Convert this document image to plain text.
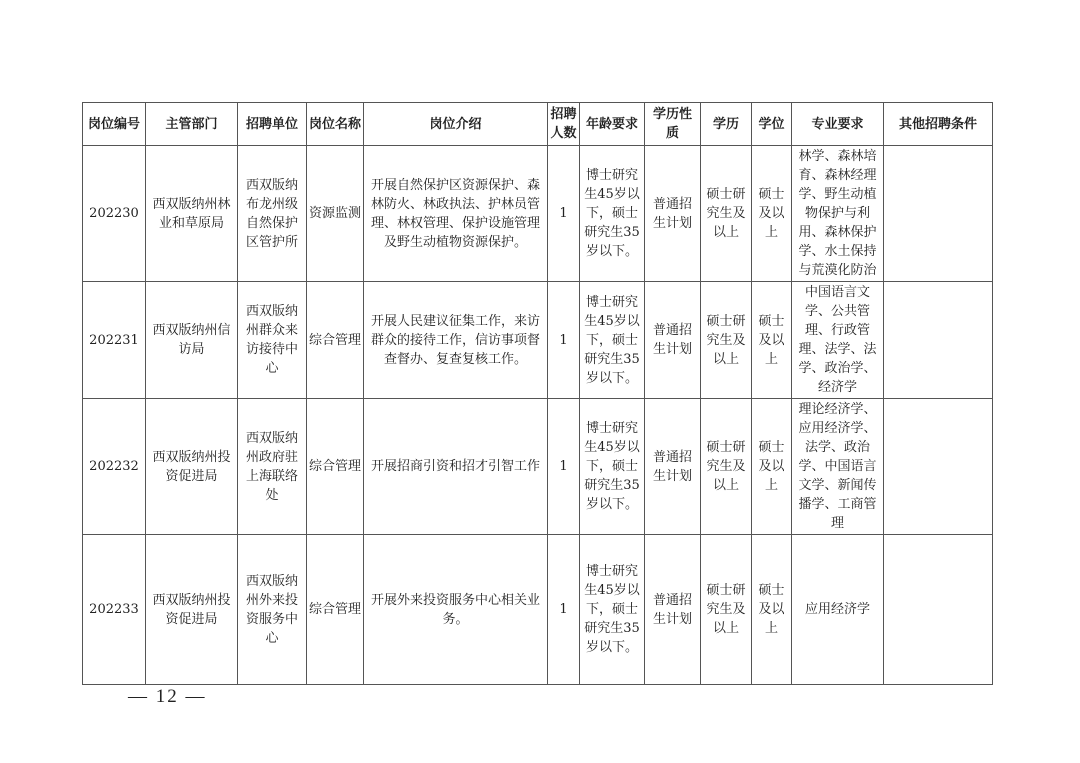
岗位编号	主管部门	招聘单位	岗位名称	岗位介绍	招聘人数	年龄要求	学历性质	学历	学位	专业要求	其他招聘条件
202230	西双版纳州林业和草原局	西双版纳布龙州级自然保护区管护所	资源监测	开展自然保护区资源保护、森林防火、林政执法、护林员管理、林权管理、保护设施管理及野生动植物资源保护。	1	博士研究生45岁以下，硕士研究生35岁以下。	普通招生计划	硕士研究生及以上	硕士及以上	林学、森林培育、森林经理学、野生动植物保护与利用、森林保护学、水土保持与荒漠化防治	
202231	西双版纳州信访局	西双版纳州群众来访接待中心	综合管理	开展人民建议征集工作，来访群众的接待工作，信访事项督查督办、复查复核工作。	1	博士研究生45岁以下，硕士研究生35岁以下。	普通招生计划	硕士研究生及以上	硕士及以上	中国语言文学、公共管理、行政管理、法学、法学、政治学、经济学	
202232	西双版纳州投资促进局	西双版纳州政府驻上海联络处	综合管理	开展招商引资和招才引智工作	1	博士研究生45岁以下，硕士研究生35岁以下。	普通招生计划	硕士研究生及以上	硕士及以上	理论经济学、应用经济学、法学、政治学、中国语言文学、新闻传播学、工商管理	
202233	西双版纳州投资促进局	西双版纳州外来投资服务中心	综合管理	开展外来投资服务中心相关业务。	1	博士研究生45岁以下，硕士研究生35岁以下。	普通招生计划	硕士研究生及以上	硕士及以上	应用经济学	
— 12 —
